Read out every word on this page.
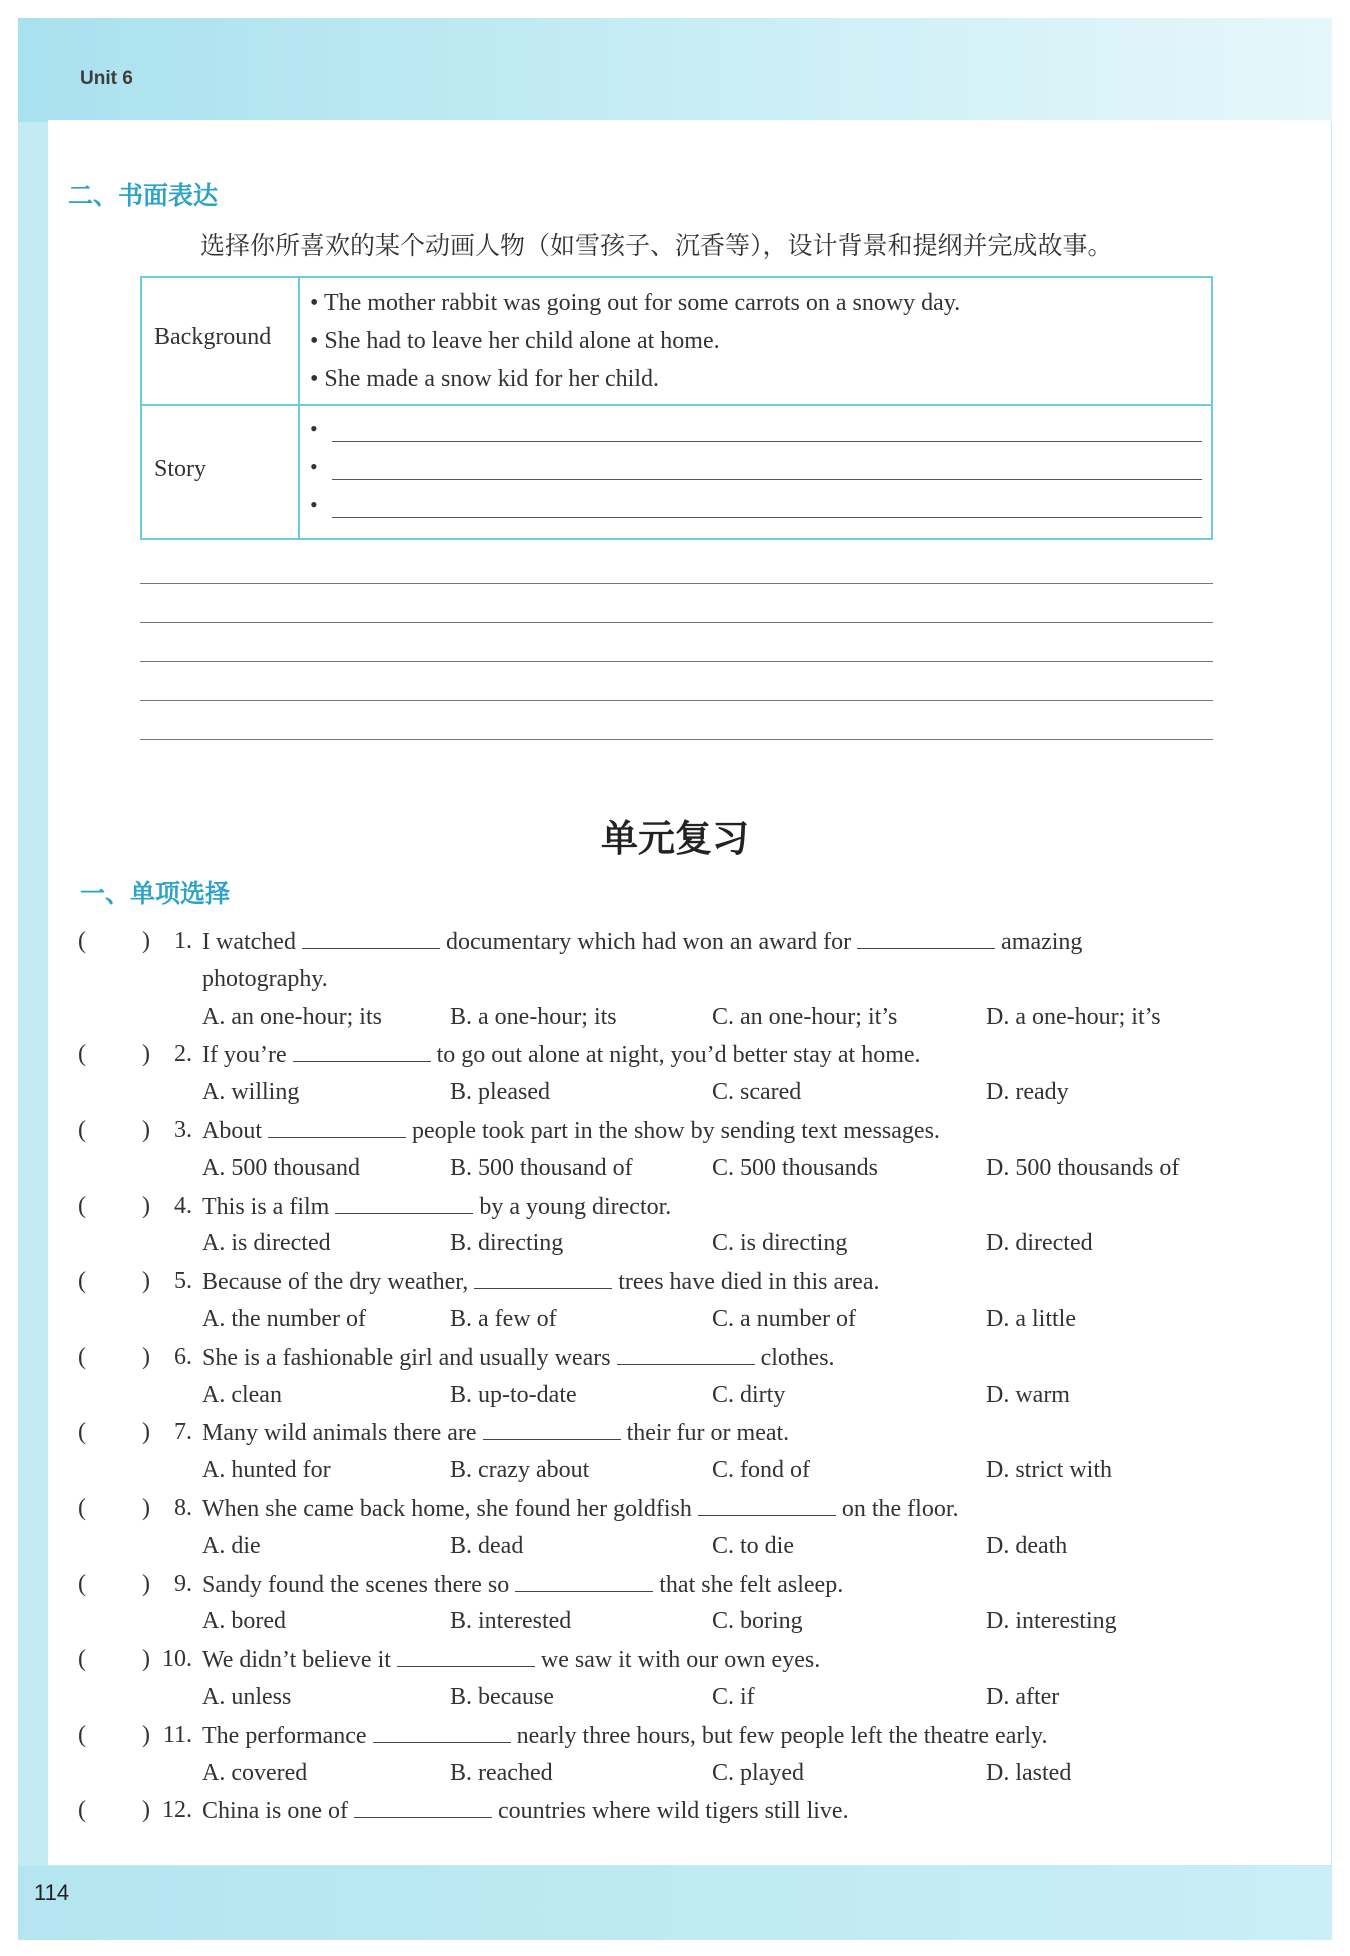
Unit 6
114
二、书面表达
选择你所喜欢的某个动画人物（如雪孩子、沉香等），设计背景和提纲并完成故事。
Background
• The mother rabbit was going out for some carrots on a snowy day.
• She had to leave her child alone at home.
• She made a snow kid for her child.
Story
•
•
•
单元复习
一、单项选择
( )	1. I watched	documentary which had won an award for	amazing
photography.
A. an one-hour; its	B. a one-hour; its	C. an one-hour; it’s	D. a one-hour; it’s
( )	2. If you’re	to go out alone at night, you’d better stay at home.
A. willing	B. pleased	C. scared	D. ready
( )	3. About	people took part in the show by sending text messages.
A. 500 thousand	B. 500 thousand of	C. 500 thousands	D. 500 thousands of
( )	4. This is a film	by a young director.
A. is directed	B. directing	C. is directing	D. directed
( )	5. Because of the dry weather,	trees have died in this area.
A. the number of	B. a few of	C. a number of	D. a little
( )	6. She is a fashionable girl and usually wears	clothes.
A. clean	B. up-to-date	C. dirty	D. warm
( )	7. Many wild animals there are	their fur or meat.
A. hunted for	B. crazy about	C. fond of	D. strict with
( )	8. When she came back home, she found her goldfish	on the floor.
A. die	B. dead	C. to die	D. death
( )	9. Sandy found the scenes there so	that she felt asleep.
A. bored	B. interested	C. boring	D. interesting
( ) 10. We didn’t believe it	we saw it with our own eyes.
A. unless	B. because	C. if	D. after
( ) 11. The performance	nearly three hours, but few people left the theatre early.
A. covered	B. reached	C. played	D. lasted
( ) 12. China is one of	countries where wild tigers still live.
